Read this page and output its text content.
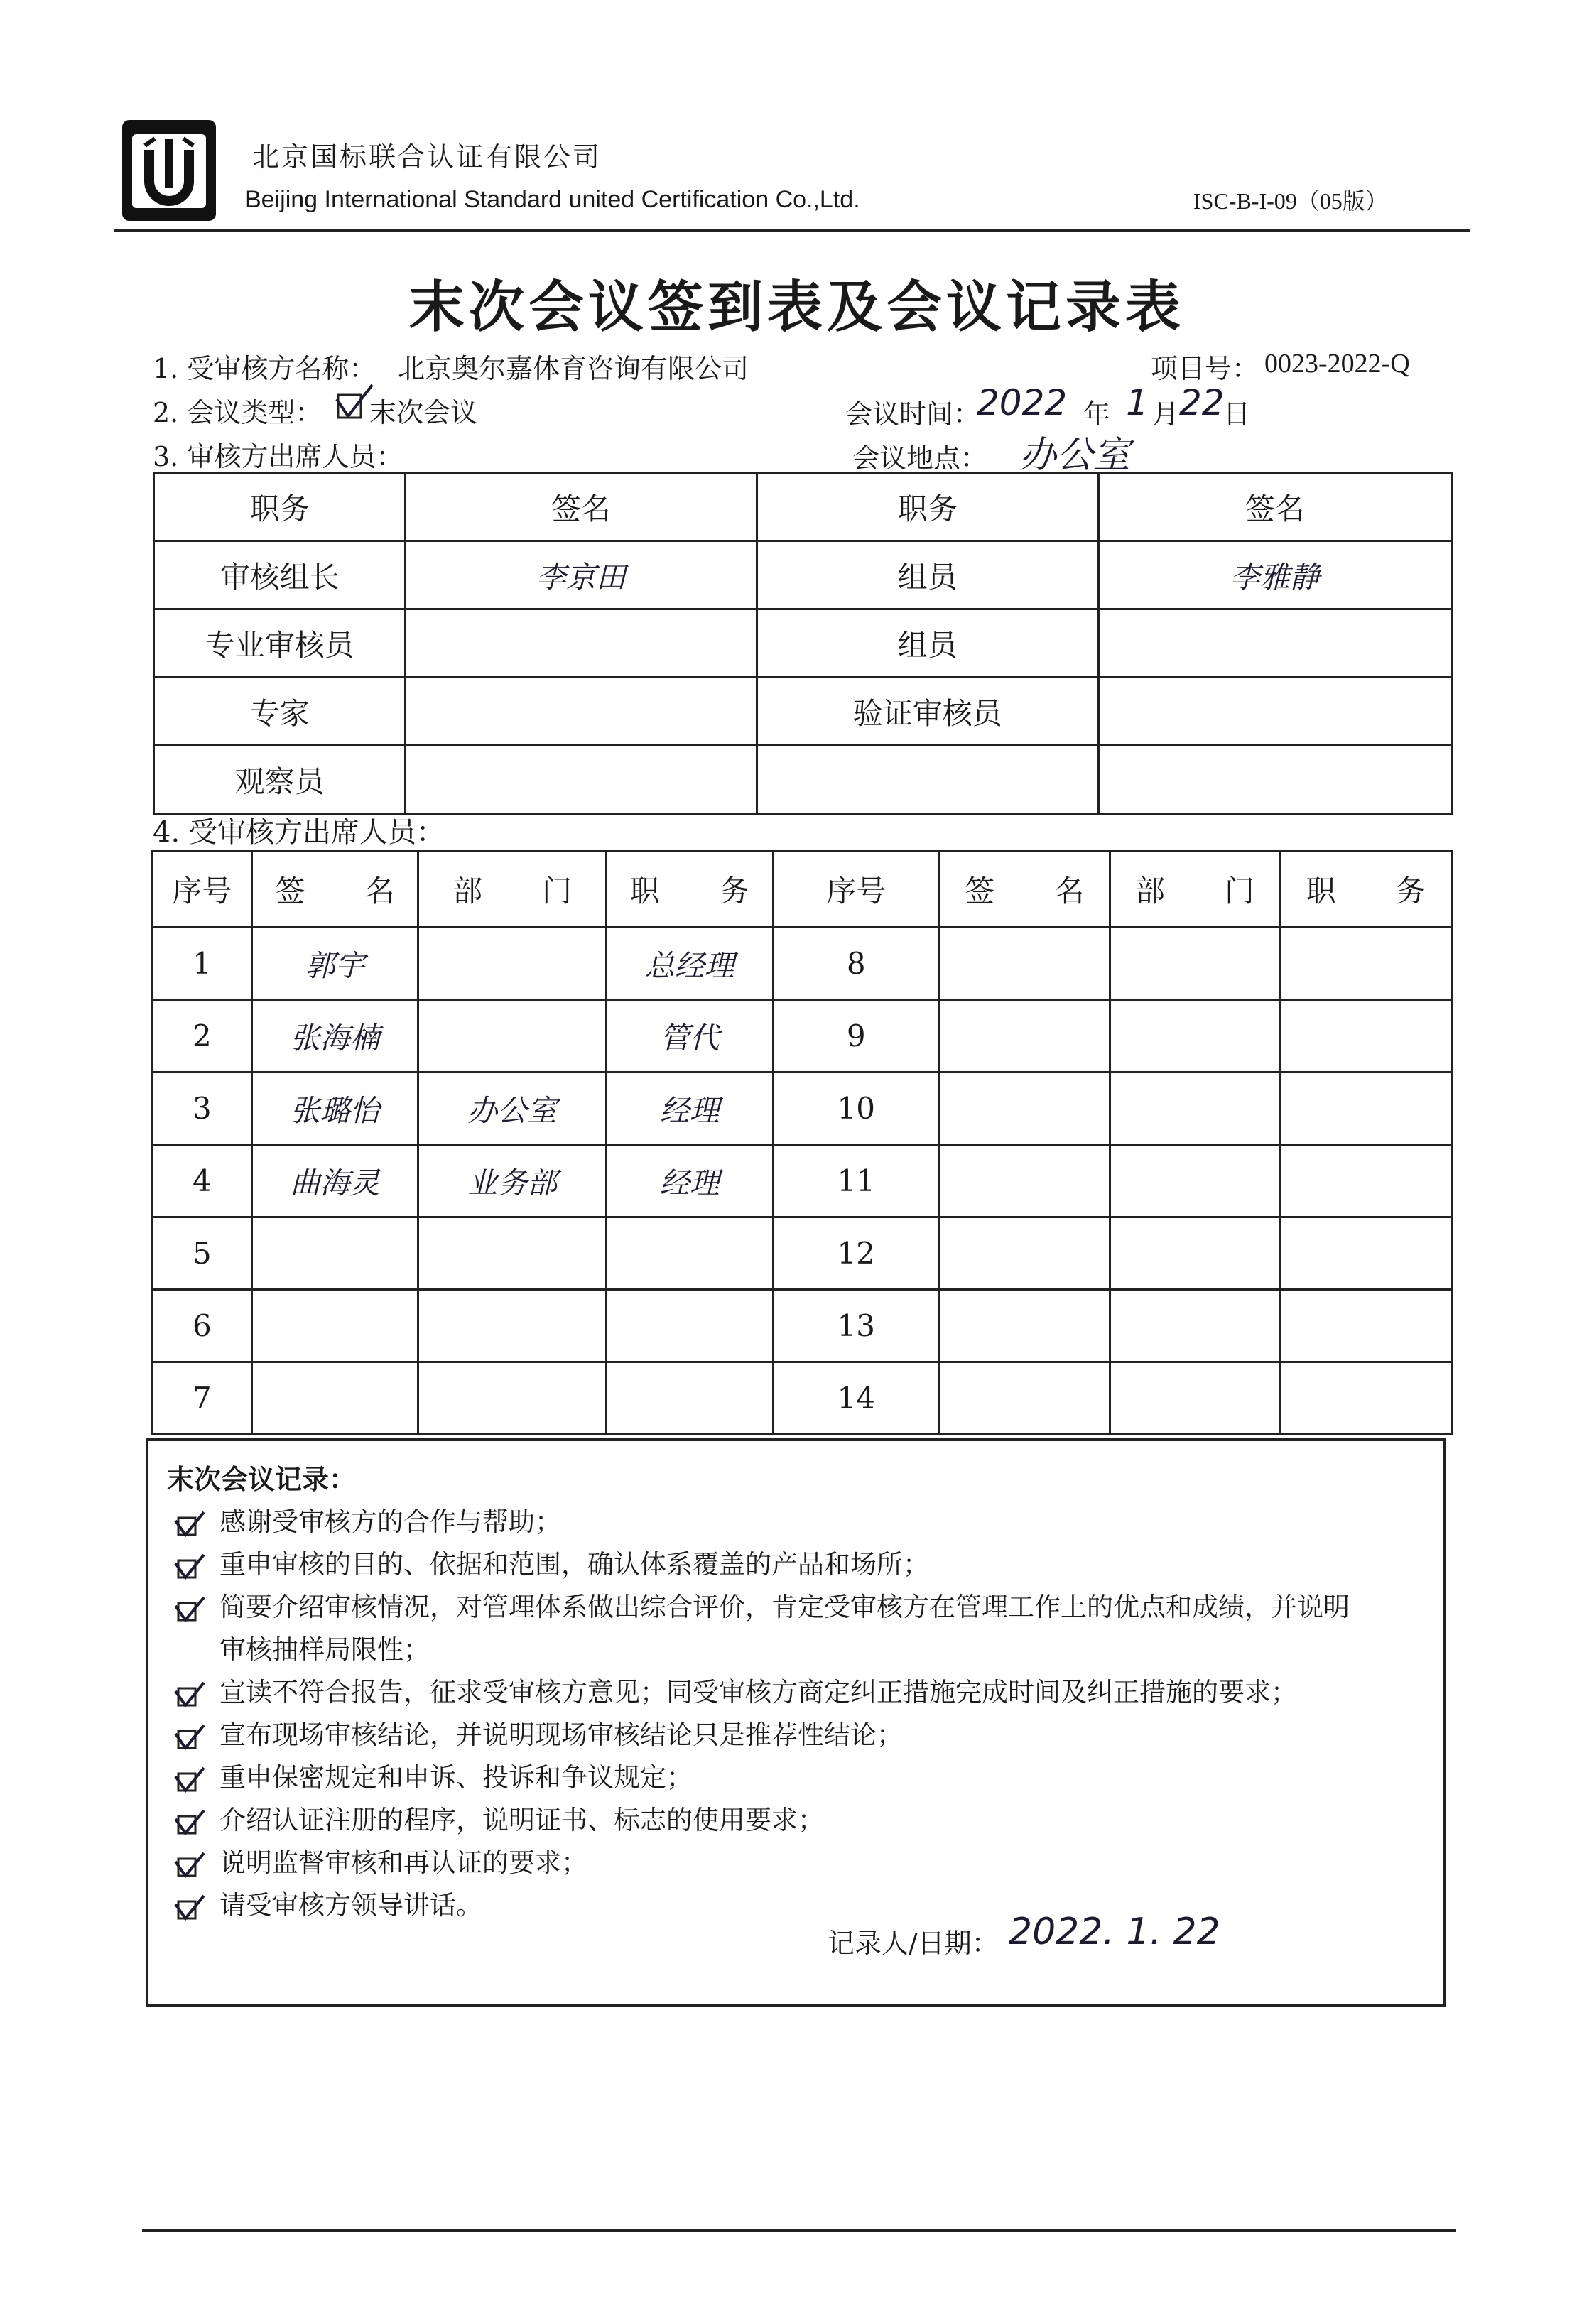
北京国标联合认证有限公司
Beijing International Standard united Certification Co.,Ltd.	ISC-B-I-09（05版）
末次会议签到表及会议记录表
1. 受审核方名称： 北京奥尔嘉体育咨询有限公司	项目号： 0023-2022-Q
2. 会议类型： 末次会议	会议时间：
2022 年 1 月 22
日
3. 审核方出席人员：	会议地点： 办公室
职务	签名	职务	签名
审核组长	李京田	组员	李雅静
专业审核员		组员	
专家		验证审核员	
观察员			
4. 受审核方出席人员：
序号	签　　名	部　　门	职　　务	序号	签　　名	部　　门	职　　务
1	郭宇		总经理	8			
2	张海楠		管代	9			
3	张璐怡	办公室	经理	10			
4	曲海灵	业务部	经理	11			
5				12			
6				13			
7				14			
末次会议记录：
感谢受审核方的合作与帮助；
重申审核的目的、依据和范围，确认体系覆盖的产品和场所；
简要介绍审核情况，对管理体系做出综合评价，肯定受审核方在管理工作上的优点和成绩，并说明
审核抽样局限性；
宣读不符合报告，征求受审核方意见；同受审核方商定纠正措施完成时间及纠正措施的要求；
宣布现场审核结论，并说明现场审核结论只是推荐性结论；
重申保密规定和申诉、投诉和争议规定；
介绍认证注册的程序，说明证书、标志的使用要求；
说明监督审核和再认证的要求；
请受审核方领导讲话。
记录人/日期： 2022. 1. 22
